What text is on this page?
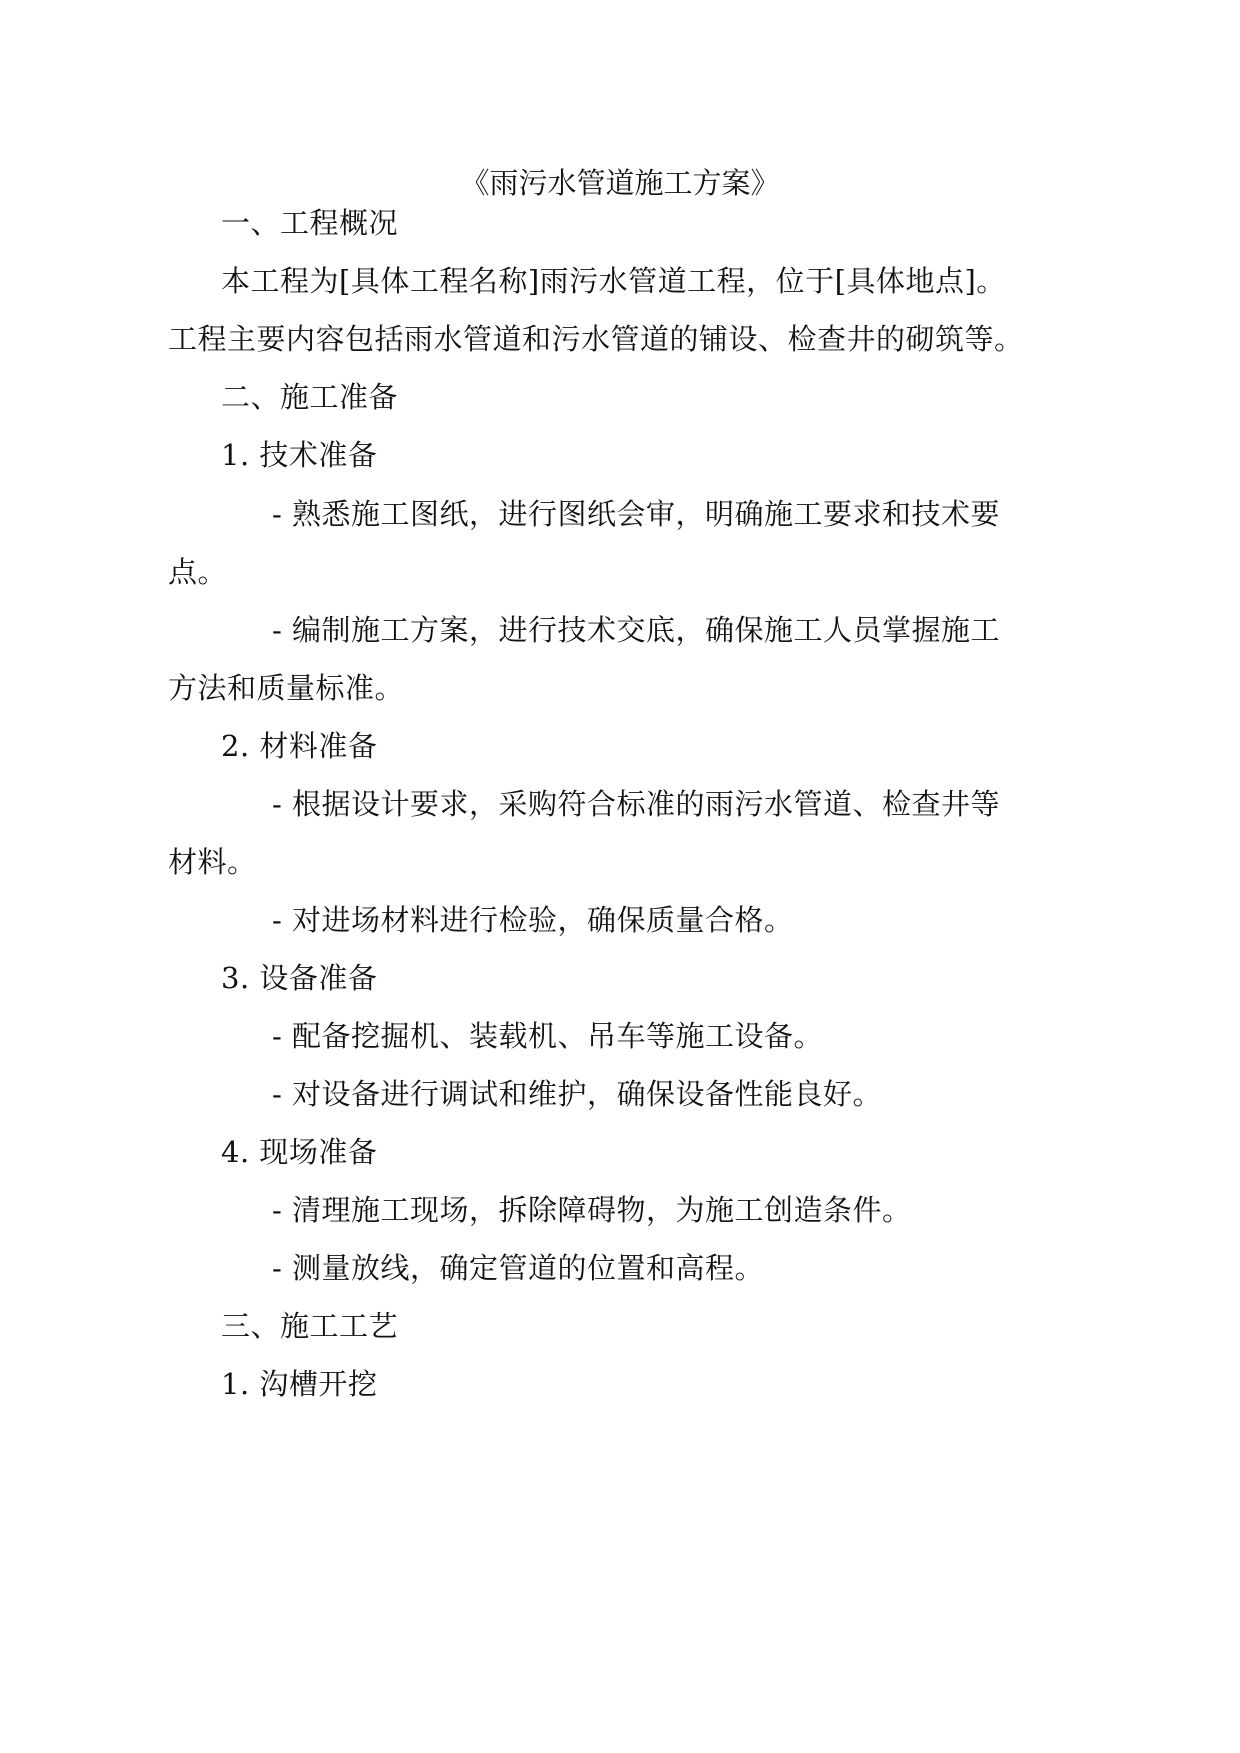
《雨污水管道施工方案》
一、工程概况
本工程为[具体工程名称]雨污水管道工程，位于[具体地点]。
工程主要内容包括雨水管道和污水管道的铺设、检查井的砌筑等。
二、施工准备
1. 技术准备
- 熟悉施工图纸，进行图纸会审，明确施工要求和技术要
点。
- 编制施工方案，进行技术交底，确保施工人员掌握施工
方法和质量标准。
2. 材料准备
- 根据设计要求，采购符合标准的雨污水管道、检查井等
材料。
- 对进场材料进行检验，确保质量合格。
3. 设备准备
- 配备挖掘机、装载机、吊车等施工设备。
- 对设备进行调试和维护，确保设备性能良好。
4. 现场准备
- 清理施工现场，拆除障碍物，为施工创造条件。
- 测量放线，确定管道的位置和高程。
三、施工工艺
1. 沟槽开挖
